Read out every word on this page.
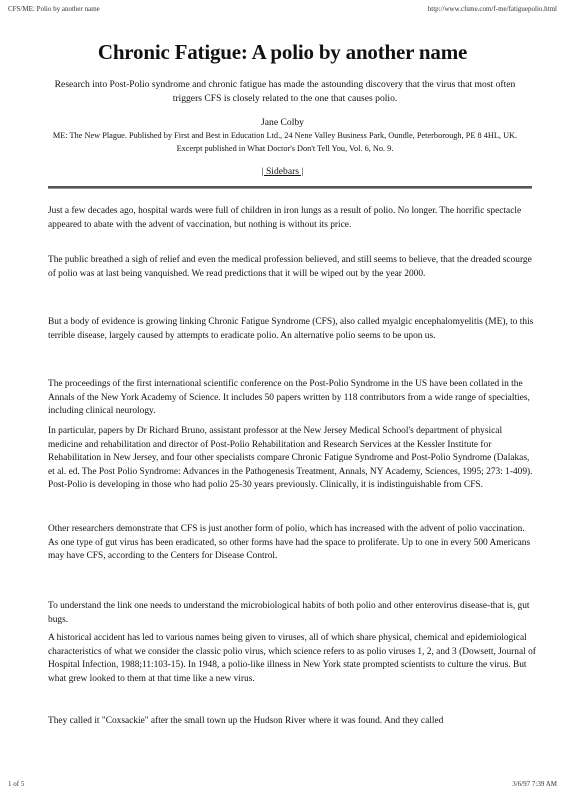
CFS/ME: Polio by another name	http://www.cfsme.com/f-me/fatiguepolio.html
Chronic Fatigue: A polio by another name

Research into Post-Polio syndrome and chronic fatigue has made the astounding discovery that the virus that most often triggers CFS is closely related to the one that causes polio.

Jane Colby

ME: The New Plague. Published by First and Best in Education Ltd., 24 Nene Valley Business Park, Oundle, Peterborough, PE 8 4HL, UK. Excerpt published in What Doctor's Don't Tell You, Vol. 6, No. 9.

| Sidebars |

Just a few decades ago, hospital wards were full of children in iron lungs as a result of polio. No longer. The horrific spectacle appeared to abate with the advent of vaccination, but nothing is without its price.

The public breathed a sigh of relief and even the medical profession believed, and still seems to believe, that the dreaded scourge of polio was at last being vanquished. We read predictions that it will be wiped out by the year 2000.

But a body of evidence is growing linking Chronic Fatigue Syndrome (CFS), also called myalgic encephalomyelitis (ME), to this terrible disease, largely caused by attempts to eradicate polio. An alternative polio seems to be upon us.

The proceedings of the first international scientific conference on the Post-Polio Syndrome in the US have been collated in the Annals of the New York Academy of Science. It includes 50 papers written by 118 contributors from a wide range of specialties, including clinical neurology.

In particular, papers by Dr Richard Bruno, assistant professor at the New Jersey Medical School's department of physical medicine and rehabilitation and director of Post-Polio Rehabilitation and Research Services at the Kessler Institute for Rehabilitation in New Jersey, and four other specialists compare Chronic Fatigue Syndrome and Post-Polio Syndrome (Dalakas, et al. ed. The Post Polio Syndrome: Advances in the Pathogenesis Treatment, Annals, NY Academy, Sciences, 1995; 273: 1-409). Post-Polio is developing in those who had polio 25-30 years previously. Clinically, it is indistinguishable from CFS.

Other researchers demonstrate that CFS is just another form of polio, which has increased with the advent of polio vaccination. As one type of gut virus has been eradicated, so other forms have had the space to proliferate. Up to one in every 500 Americans may have CFS, according to the Centers for Disease Control.

To understand the link one needs to understand the microbiological habits of both polio and other enterovirus disease-that is, gut bugs.

A historical accident has led to various names being given to viruses, all of which share physical, chemical and epidemiological characteristics of what we consider the classic polio virus, which science refers to as polio viruses 1, 2, and 3 (Dowsett, Journal of Hospital Infection, 1988;11:103-15). In 1948, a polio-like illness in New York state prompted scientists to culture the virus. But what grew looked to them at that time like a new virus.

They called it "Coxsackie" after the small town up the Hudson River where it was found. And they called

1 of 5	3/6/97 7:39 AM
